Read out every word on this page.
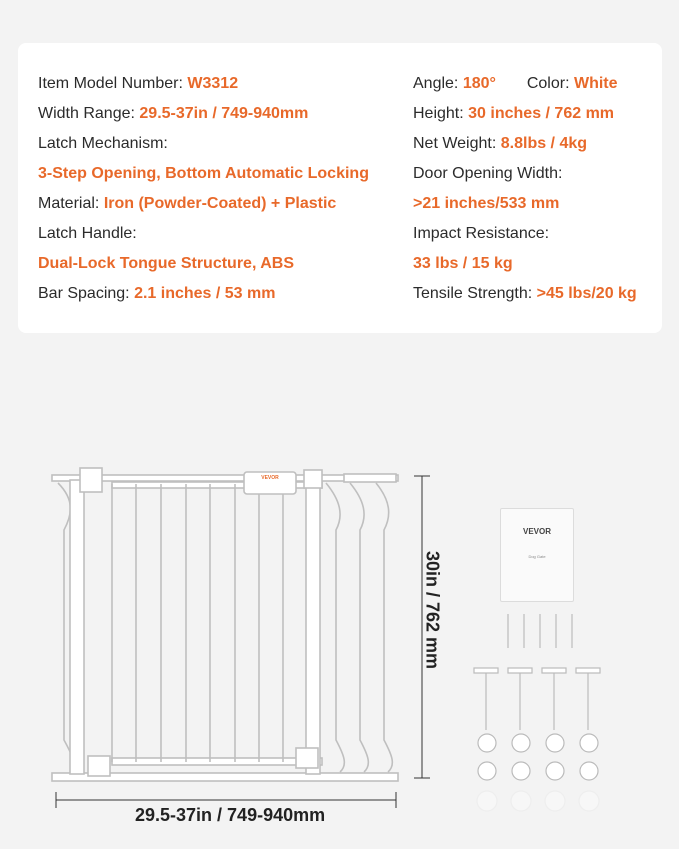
Item Model Number: W3312
Width Range: 29.5-37in / 749-940mm
Latch Mechanism:
3-Step Opening, Bottom Automatic Locking
Material: Iron (Powder-Coated) + Plastic
Latch Handle:
Dual-Lock Tongue Structure, ABS
Bar Spacing: 2.1 inches / 53 mm
Angle: 180° Color: White
Height: 30 inches / 762 mm
Net Weight: 8.8lbs / 4kg
Door Opening Width:
>21 inches/533 mm
Impact Resistance:
33 lbs / 15 kg
Tensile Strength: >45 lbs/20 kg
VEVOR
VEVOR
Dog Gate
29.5-37in / 749-940mm
30in / 762 mm
